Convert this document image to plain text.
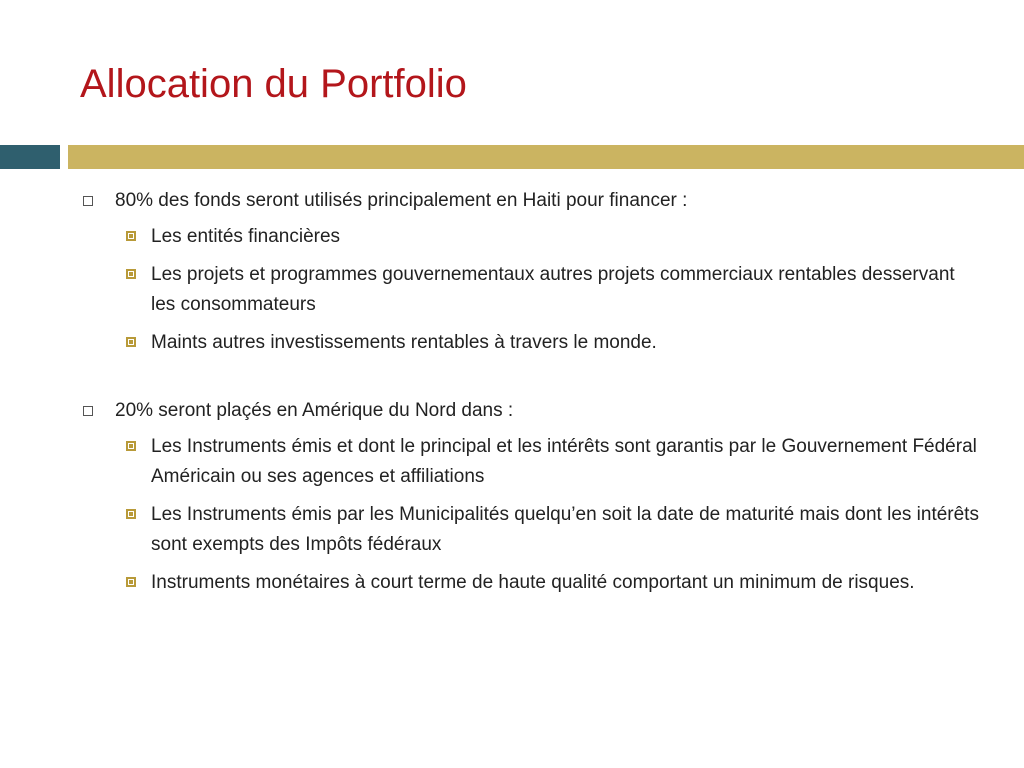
Allocation du Portfolio
80% des fonds seront utilisés principalement en Haiti pour financer :
Les entités financières
Les projets et programmes gouvernementaux autres projets commerciaux rentables desservant les consommateurs
Maints autres investissements rentables à travers le monde.
20% seront plaçés en Amérique du Nord dans :
Les Instruments émis et dont le principal et les intérêts sont garantis par le Gouvernement Fédéral Américain ou ses agences et affiliations
Les Instruments émis par les Municipalités quelqu’en soit la date de maturité mais dont les intérêts sont exempts des Impôts fédéraux
Instruments monétaires à court terme de haute qualité comportant un minimum de risques.
